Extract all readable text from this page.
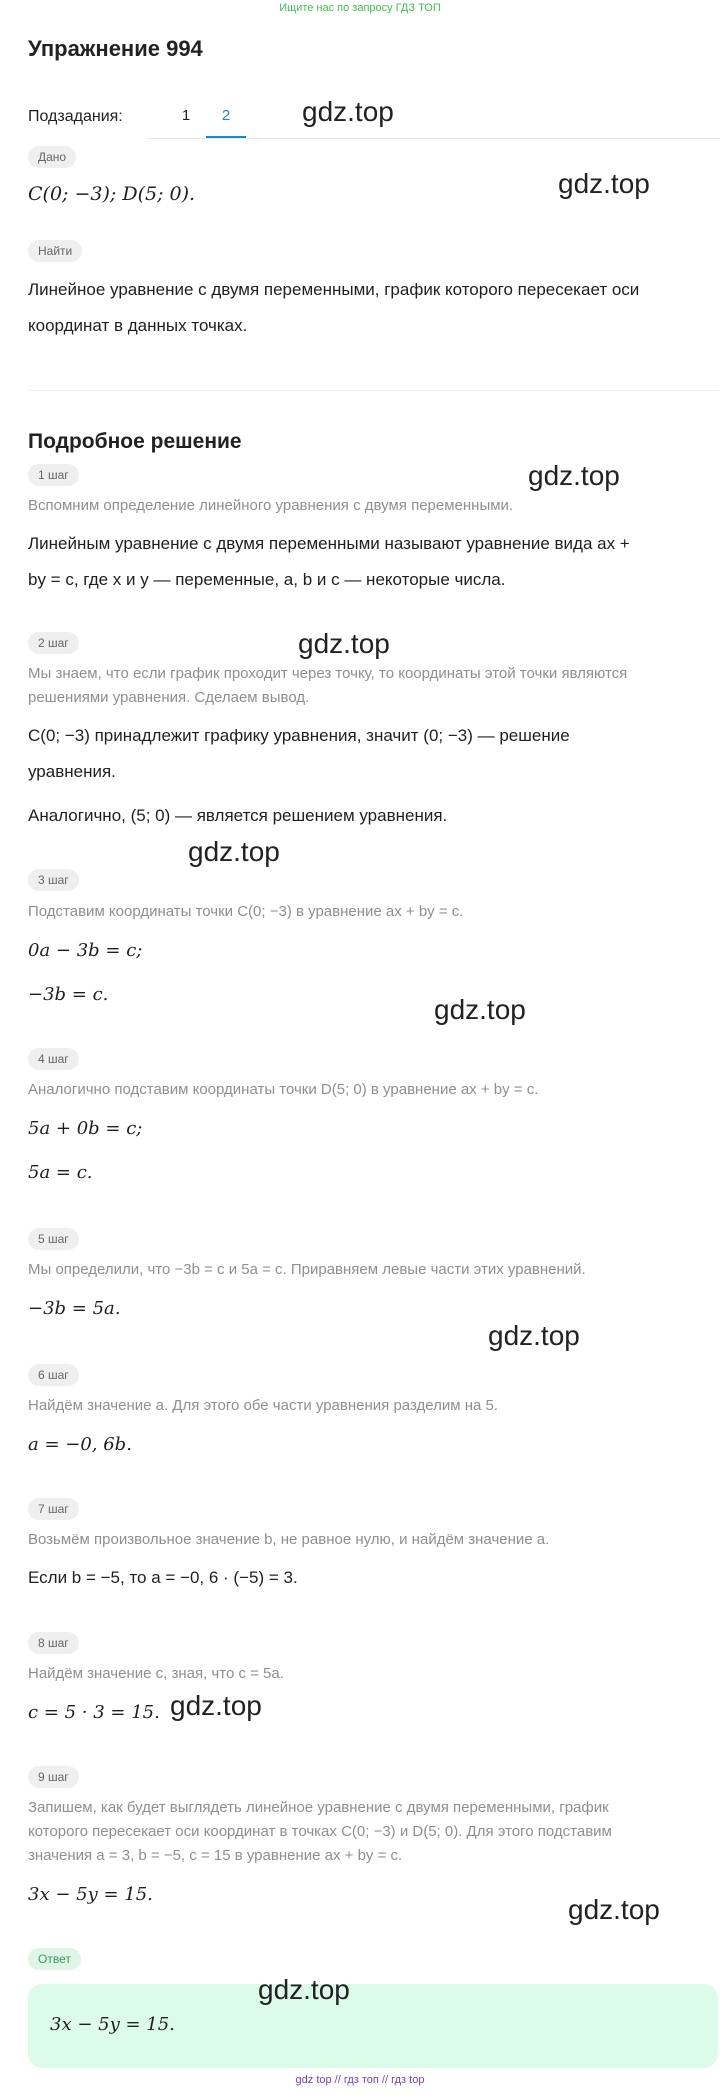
Ищите нас по запросу ГДЗ ТОП
Упражнение 994
Подзадания:	1	2
Дано
C(0; −3); D(5; 0).
Найти
Линейное уравнение с двумя переменными, график которого пересекает оси
координат в данных точках.
Подробное решение
1 шаг
Вспомним определение линейного уравнения с двумя переменными.
Линейным уравнение с двумя переменными называют уравнение вида ax +
by = c, где x и y — переменные, a, b и c — некоторые числа.
2 шаг
Мы знаем, что если график проходит через точку, то координаты этой точки являются
решениями уравнения. Сделаем вывод.
C(0; −3) принадлежит графику уравнения, значит (0; −3) — решение
уравнения.
Аналогично, (5; 0) — является решением уравнения.
3 шаг
Подставим координаты точки C(0; −3) в уравнение ax + by = c.
0a − 3b = c;
−3b = c.
4 шаг
Аналогично подставим координаты точки D(5; 0) в уравнение ax + by = c.
5a + 0b = c;
5a = c.
5 шаг
Мы определили, что −3b = c и 5a = c. Приравняем левые части этих уравнений.
−3b = 5a.
6 шаг
Найдём значение a. Для этого обе части уравнения разделим на 5.
a = −0, 6b.
7 шаг
Возьмём произвольное значение b, не равное нулю, и найдём значение a.
Если b = −5, то a = −0, 6 · (−5) = 3.
8 шаг
Найдём значение c, зная, что c = 5a.
c = 5 · 3 = 15.
9 шаг
Запишем, как будет выглядеть линейное уравнение с двумя переменными, график
которого пересекает оси координат в точках C(0; −3) и D(5; 0). Для этого подставим
значения a = 3, b = −5, c = 15 в уравнение ax + by = c.
3x − 5y = 15.
Ответ
3x − 5y = 15.
gdz.top
gdz.top
gdz.top
gdz.top
gdz.top
gdz.top
gdz.top
gdz.top
gdz.top
gdz.top
gdz top // гдз топ // гдз top
